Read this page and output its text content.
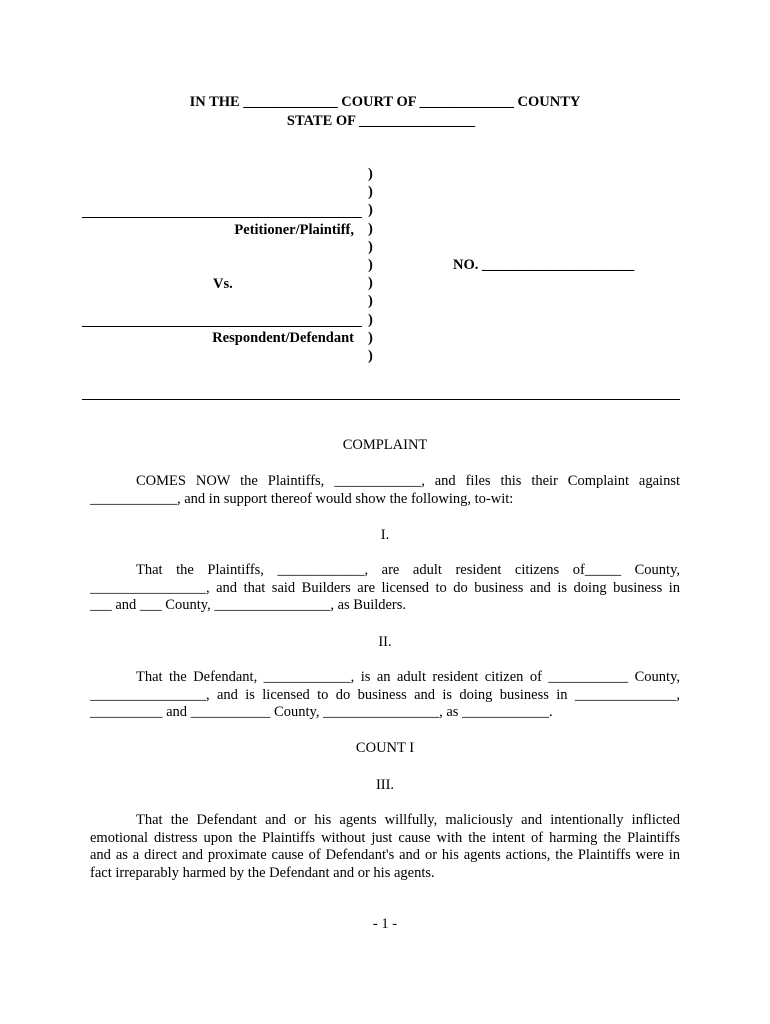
IN THE _____________ COURT OF _____________ COUNTY
STATE OF ________________
)
)
)
)
)
)
)
)
)
)
)
Petitioner/Plaintiff,
Vs.
Respondent/Defendant
NO. _____________________
COMPLAINT
COMES NOW the Plaintiffs, ____________, and files this their Complaint against
____________, and in support thereof would show the following, to-wit:
I.
That the Plaintiffs, ____________, are adult resident citizens of_____ County,
________________, and that said Builders are licensed to do business and is doing business in
___ and ___ County, ________________, as Builders.
II.
That the Defendant, ____________, is an adult resident citizen of ___________ County,
________________, and is licensed to do business and is doing business in ______________,
__________ and ___________ County, ________________, as ____________.
COUNT I
III.
That the Defendant and or his agents willfully, maliciously and intentionally inflicted
emotional distress upon the Plaintiffs without just cause with the intent of harming the Plaintiffs
and as a direct and proximate cause of Defendant's and or his agents actions, the Plaintiffs were in
fact irreparably harmed by the Defendant and or his agents.
- 1 -
